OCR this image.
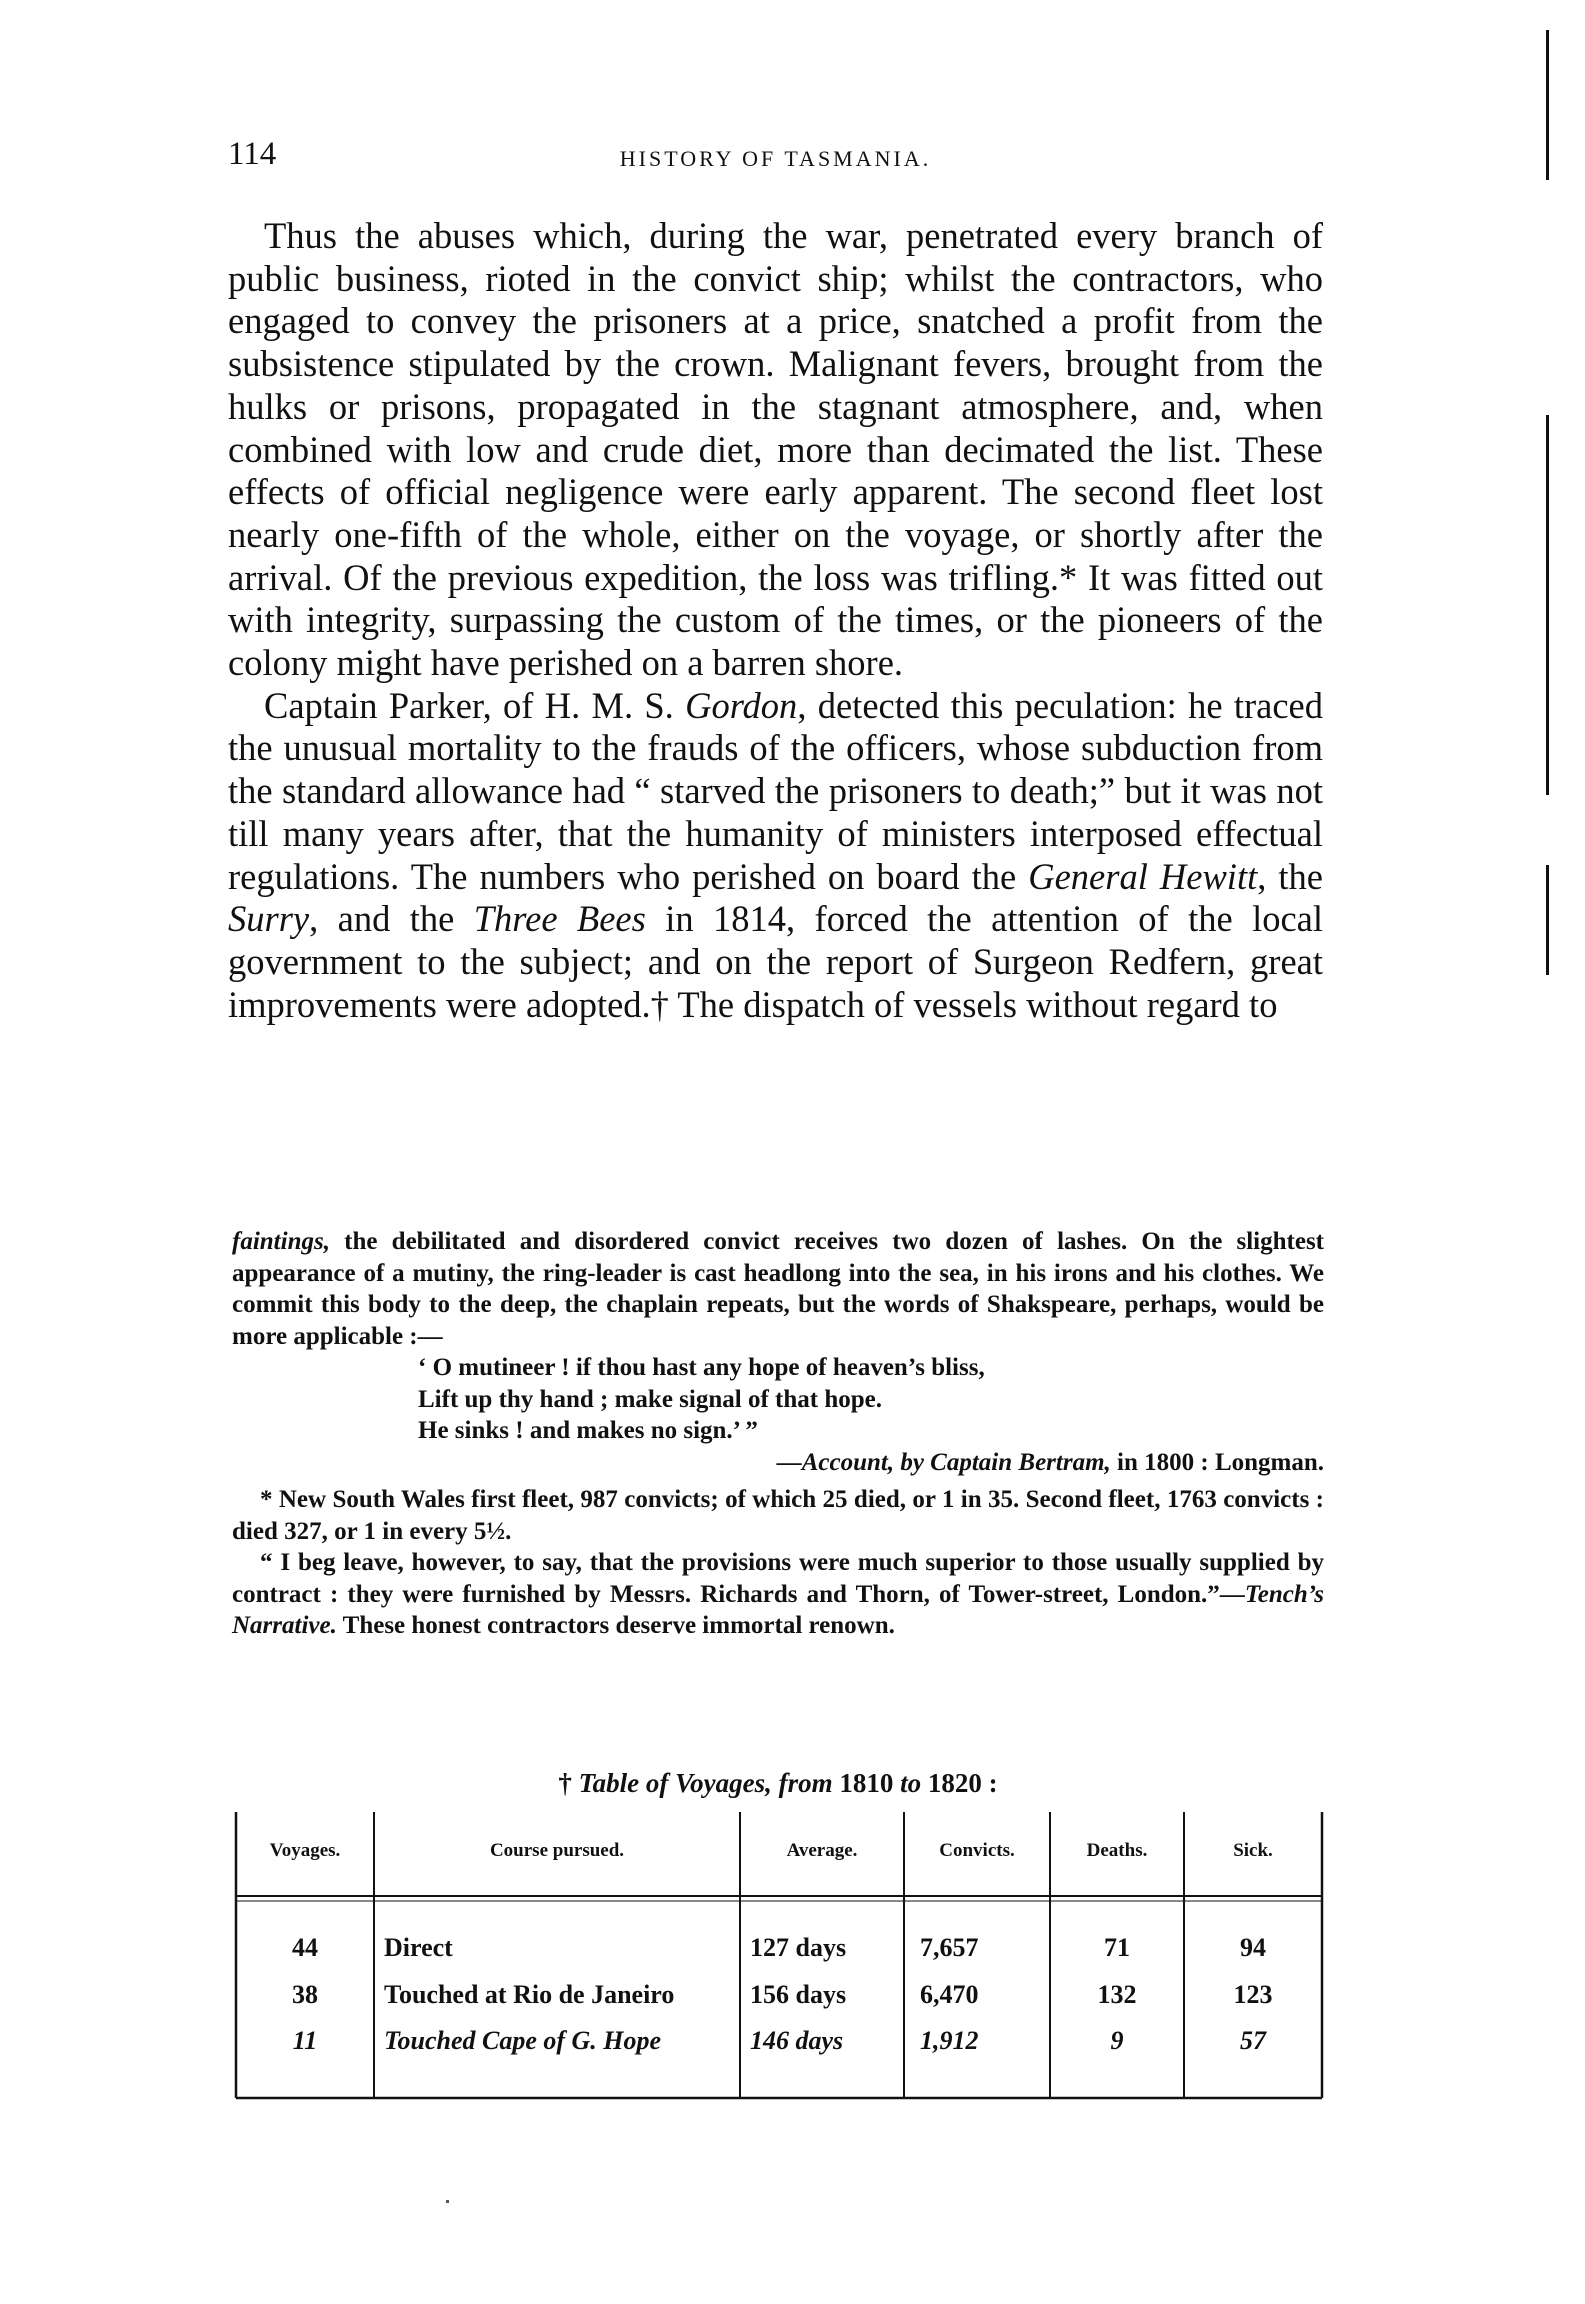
114	HISTORY OF TASMANIA.

Thus the abuses which, during the war, penetrated every branch of public business, rioted in the convict ship; whilst the contractors, who engaged to convey the prisoners at a price, snatched a profit from the subsistence stipulated by the crown. Malignant fevers, brought from the hulks or prisons, propagated in the stagnant atmosphere, and, when combined with low and crude diet, more than decimated the list. These effects of official negligence were early apparent. The second fleet lost nearly one-fifth of the whole, either on the voyage, or shortly after the arrival. Of the previous expedition, the loss was trifling.* It was fitted out with integrity, surpassing the custom of the times, or the pioneers of the colony might have perished on a barren shore.

Captain Parker, of H. M. S. Gordon, detected this peculation: he traced the unusual mortality to the frauds of the officers, whose subduction from the standard allowance had “ starved the prisoners to death;” but it was not till many years after, that the humanity of ministers interposed effectual regulations. The numbers who perished on board the General Hewitt, the Surry, and the Three Bees in 1814, forced the attention of the local government to the subject; and on the report of Surgeon Redfern, great improvements were adopted.† The dispatch of vessels without regard to

faintings, the debilitated and disordered convict receives two dozen of lashes. On the slightest appearance of a mutiny, the ring-leader is cast headlong into the sea, in his irons and his clothes. We commit this body to the deep, the chaplain repeats, but the words of Shakspeare, perhaps, would be more applicable :—

‘ O mutineer ! if thou hast any hope of heaven’s bliss,
Lift up thy hand ; make signal of that hope.
He sinks ! and makes no sign.’ ”

—Account, by Captain Bertram, in 1800 : Longman.

* New South Wales first fleet, 987 convicts; of which 25 died, or 1 in 35. Second fleet, 1763 convicts : died 327, or 1 in every 5½.

“ I beg leave, however, to say, that the provisions were much superior to those usually supplied by contract : they were furnished by Messrs. Richards and Thorn, of Tower-street, London.”—Tench’s Narrative. These honest contractors deserve immortal renown.

† Table of Voyages, from 1810 to 1820 :
Voyages.	Course pursued.	Average.	Convicts.	Deaths.	Sick.
44	Direct	127 days	7,657	71	94
38	Touched at Rio de Janeiro	156 days	6,470	132	123
11	Touched Cape of G. Hope	146 days	1,912	9	57
